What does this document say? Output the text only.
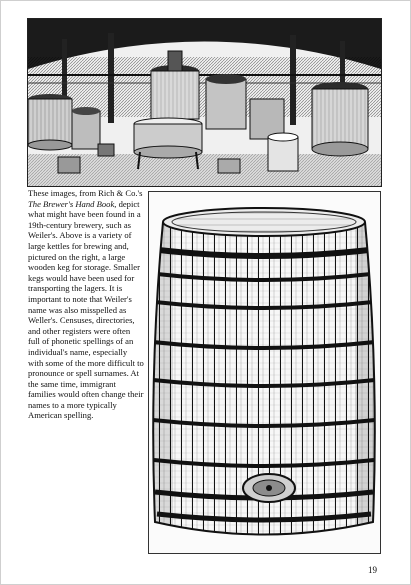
These images, from Rich & Co.'s The Brewer's Hand Book, depict what might have been found in a 19th-century brewery, such as Weiler's. Above is a variety of large kettles for brewing and, pictured on the right, a large wooden keg for storage. Smaller kegs would have been used for transporting the lagers. It is important to note that Weiler's name was also misspelled as Weller's. Censuses, directories, and other registers were often full of phonetic spellings of an individual's name, especially with some of the more difficult to pronounce or spell surnames. At the same time, immigrant families would often change their names to a more typically American spelling.

19
